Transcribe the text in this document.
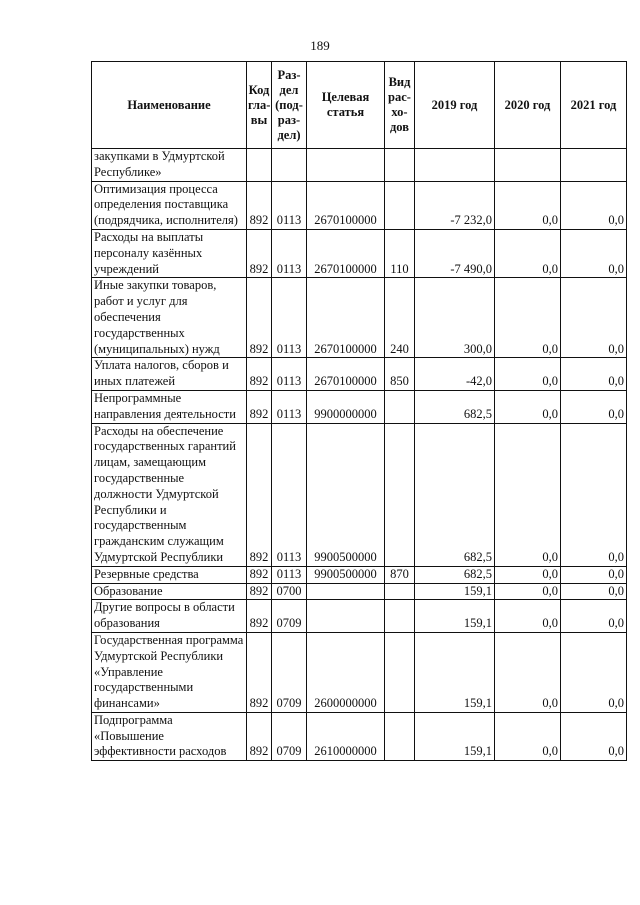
189
Наименование	Код гла- вы	Раз- дел (под- раз- дел)	Целевая статья	Вид рас- хо- дов	2019 год	2020 год	2021 год
закупками в Удмуртской Республике»							
Оптимизация процесса определения поставщика (подрядчика, исполнителя)	892	0113	2670100000		-7 232,0	0,0	0,0
Расходы на выплаты персоналу казённых учреждений	892	0113	2670100000	110	-7 490,0	0,0	0,0
Иные закупки товаров, работ и услуг для обеспечения государственных (муниципальных) нужд	892	0113	2670100000	240	300,0	0,0	0,0
Уплата налогов, сборов и иных платежей	892	0113	2670100000	850	-42,0	0,0	0,0
Непрограммные направления деятельности	892	0113	9900000000		682,5	0,0	0,0
Расходы на обеспечение государственных гарантий лицам, замещающим государственные должности Удмуртской Республики и государственным гражданским служащим Удмуртской Республики	892	0113	9900500000		682,5	0,0	0,0
Резервные средства	892	0113	9900500000	870	682,5	0,0	0,0
Образование	892	0700			159,1	0,0	0,0
Другие вопросы в области образования	892	0709			159,1	0,0	0,0
Государственная программа Удмуртской Республики «Управление государственными финансами»	892	0709	2600000000		159,1	0,0	0,0
Подпрограмма «Повышение эффективности расходов	892	0709	2610000000		159,1	0,0	0,0
